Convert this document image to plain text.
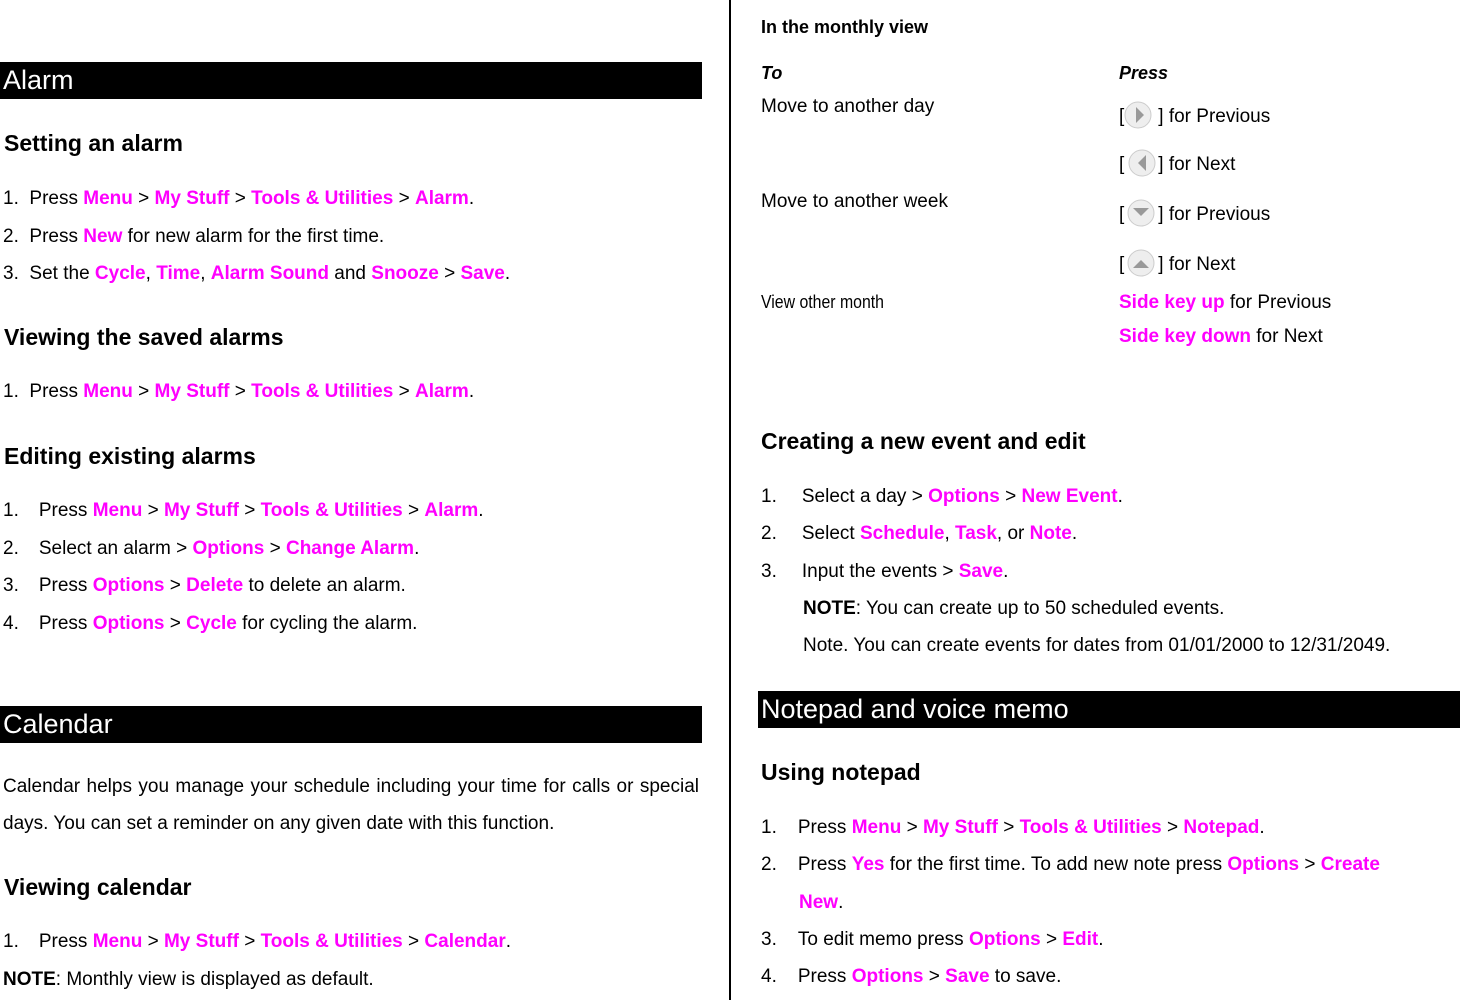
Alarm
Setting an alarm
1. Press Menu > My Stuff > Tools & Utilities > Alarm.
2. Press New for new alarm for the first time.
3. Set the Cycle, Time, Alarm Sound and Snooze > Save.
Viewing the saved alarms
1. Press Menu > My Stuff > Tools & Utilities > Alarm.
Editing existing alarms
1. Press Menu > My Stuff > Tools & Utilities > Alarm.
2. Select an alarm > Options > Change Alarm.
3. Press Options > Delete to delete an alarm.
4. Press Options > Cycle for cycling the alarm.
Calendar
Calendar helps you manage your schedule including your time for calls or special days. You can set a reminder on any given date with this function.
Viewing calendar
1. Press Menu > My Stuff > Tools & Utilities > Calendar.
NOTE: Monthly view is displayed as default.
In the monthly view
To	Press
Move to another day	[ ] for Previous
[ ] for Next
Move to another week
[ ] for Previous
[ ] for Next
View other month	Side key up for Previous
Side key down for Next
Creating a new event and edit
1. Select a day > Options > New Event.
2. Select Schedule, Task, or Note.
3. Input the events > Save.
NOTE: You can create up to 50 scheduled events.
Note. You can create events for dates from 01/01/2000 to 12/31/2049.
Notepad and voice memo
Using notepad
1. Press Menu > My Stuff > Tools & Utilities > Notepad.
2. Press Yes for the first time. To add new note press Options > Create
New.
3. To edit memo press Options > Edit.
4. Press Options > Save to save.
